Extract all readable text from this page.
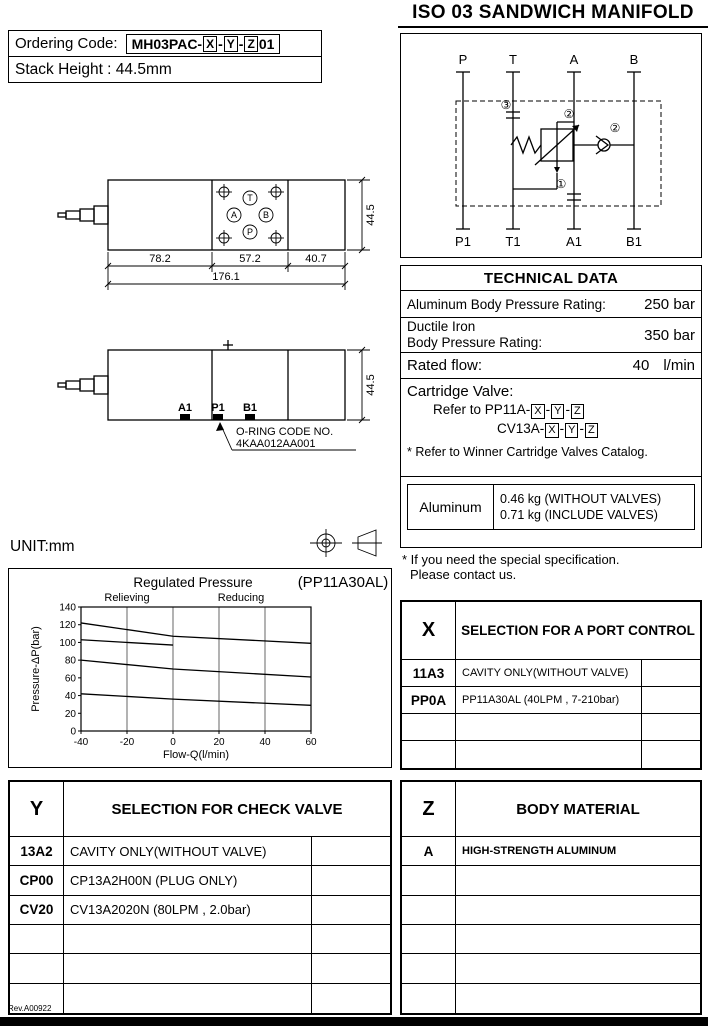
ISO 03 SANDWICH MANIFOLD
Ordering Code: MH03PAC- X - Y - Z 01
Stack Height : 44.5mm
P	T	A	B
P1	T1	A1	B1
③
②
②
①
T
A	B
P
78.2	57.2	40.7
176.1
44.5
A1 P1 B1
O-RING CODE NO.
4KAA012AA001
44.5
UNIT:mm
TECHNICAL DATA
Aluminum Body Pressure Rating:	250 bar
Ductile Iron
Body Pressure Rating:	350 bar
Rated flow:	40 l/min
Cartridge Valve:
Refer to PP11A- X - Y - Z
CV13A- X - Y - Z
* Refer to Winner Cartridge Valves Catalog.
Aluminum	0.46 kg (WITHOUT VALVES)
0.71 kg (INCLUDE VALVES)
* If you need the special specification.
Please contact us.
Regulated Pressure	(PP11A30AL)
Relieving	Reducing
Flow-Q(l/min)
Pressure-ΔP(bar)
-40	-20	0	20	40	60
0
20
40
60
80
100
120
140
X	SELECTION FOR A PORT CONTROL
11A3	CAVITY ONLY(WITHOUT VALVE)
PP0A	PP11A30AL (40LPM , 7-210bar)
Y	SELECTION FOR CHECK VALVE
13A2	CAVITY ONLY(WITHOUT VALVE)
CP00	CP13A2H00N (PLUG ONLY)
CV20	CV13A2020N (80LPM , 2.0bar)
Z	BODY MATERIAL
A	HIGH-STRENGTH ALUMINUM
Rev.A00922
